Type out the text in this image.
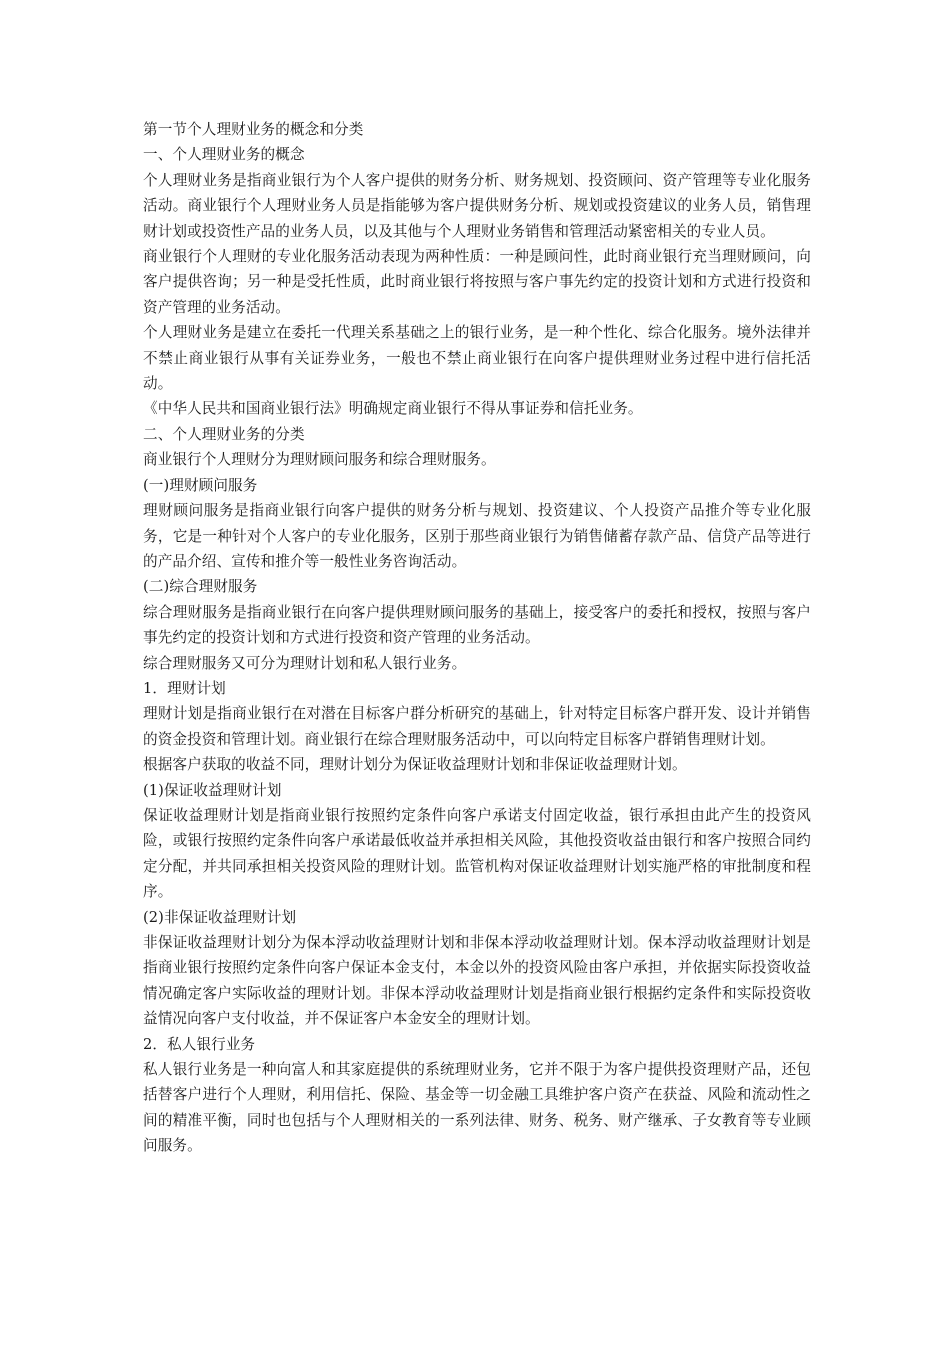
第一节个人理财业务的概念和分类

一、个人理财业务的概念

个人理财业务是指商业银行为个人客户提供的财务分析、财务规划、投资顾问、资产管理等专业化服务活动。商业银行个人理财业务人员是指能够为客户提供财务分析、规划或投资建议的业务人员，销售理财计划或投资性产品的业务人员，以及其他与个人理财业务销售和管理活动紧密相关的专业人员。

商业银行个人理财的专业化服务活动表现为两种性质：一种是顾问性，此时商业银行充当理财顾问，向客户提供咨询；另一种是受托性质，此时商业银行将按照与客户事先约定的投资计划和方式进行投资和资产管理的业务活动。

个人理财业务是建立在委托一代理关系基础之上的银行业务，是一种个性化、综合化服务。境外法律并不禁止商业银行从事有关证券业务，一般也不禁止商业银行在向客户提供理财业务过程中进行信托活动。

《中华人民共和国商业银行法》明确规定商业银行不得从事证券和信托业务。

二、个人理财业务的分类

商业银行个人理财分为理财顾问服务和综合理财服务。

(一)理财顾问服务

理财顾问服务是指商业银行向客户提供的财务分析与规划、投资建议、个人投资产品推介等专业化服务，它是一种针对个人客户的专业化服务，区别于那些商业银行为销售储蓄存款产品、信贷产品等进行的产品介绍、宣传和推介等一般性业务咨询活动。

(二)综合理财服务

综合理财服务是指商业银行在向客户提供理财顾问服务的基础上，接受客户的委托和授权，按照与客户事先约定的投资计划和方式进行投资和资产管理的业务活动。

综合理财服务又可分为理财计划和私人银行业务。

1．理财计划

理财计划是指商业银行在对潜在目标客户群分析研究的基础上，针对特定目标客户群开发、设计并销售的资金投资和管理计划。商业银行在综合理财服务活动中，可以向特定目标客户群销售理财计划。

根据客户获取的收益不同，理财计划分为保证收益理财计划和非保证收益理财计划。

(1)保证收益理财计划

保证收益理财计划是指商业银行按照约定条件向客户承诺支付固定收益，银行承担由此产生的投资风险，或银行按照约定条件向客户承诺最低收益并承担相关风险，其他投资收益由银行和客户按照合同约定分配，并共同承担相关投资风险的理财计划。监管机构对保证收益理财计划实施严格的审批制度和程序。

(2)非保证收益理财计划

非保证收益理财计划分为保本浮动收益理财计划和非保本浮动收益理财计划。保本浮动收益理财计划是指商业银行按照约定条件向客户保证本金支付，本金以外的投资风险由客户承担，并依据实际投资收益情况确定客户实际收益的理财计划。非保本浮动收益理财计划是指商业银行根据约定条件和实际投资收益情况向客户支付收益，并不保证客户本金安全的理财计划。

2．私人银行业务

私人银行业务是一种向富人和其家庭提供的系统理财业务，它并不限于为客户提供投资理财产品，还包括替客户进行个人理财，利用信托、保险、基金等一切金融工具维护客户资产在获益、风险和流动性之间的精准平衡，同时也包括与个人理财相关的一系列法律、财务、税务、财产继承、子女教育等专业顾问服务。
